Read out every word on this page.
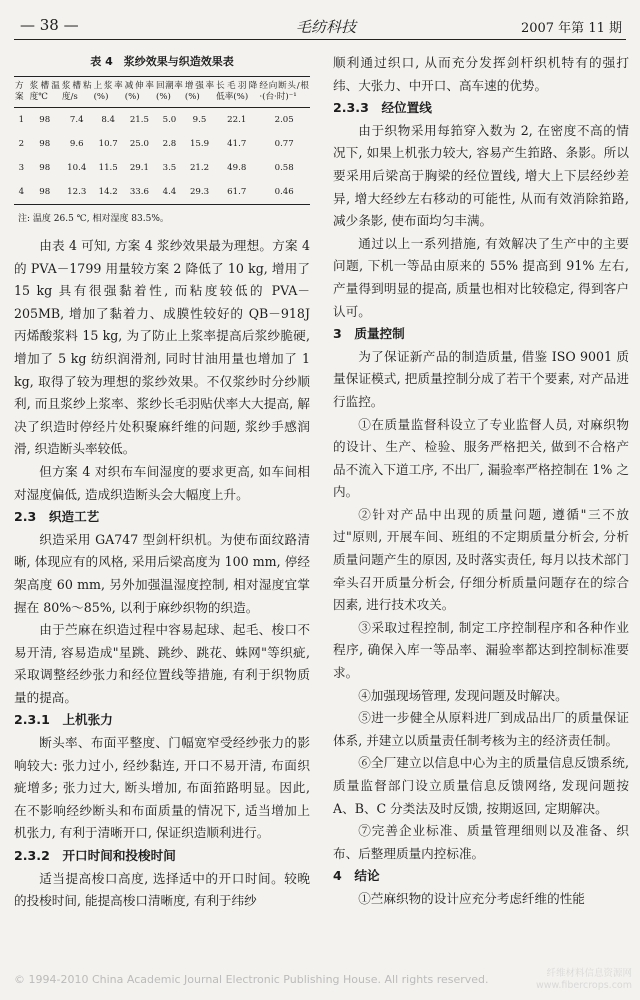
— 38 —	毛纺科技	2007 年第 11 期
表 4　浆纱效果与织造效果表
方案	浆槽温度℃	浆槽粘度/s	上浆率(%)	减伸率(%)	回潮率(%)	增强率(%)	长毛羽降低率(%)	经向断头/根·(台·时)⁻¹
1	98	7.4	8.4	21.5	5.0	9.5	22.1	2.05
2	98	9.6	10.7	25.0	2.8	15.9	41.7	0.77
3	98	10.4	11.5	29.1	3.5	21.2	49.8	0.58
4	98	12.3	14.2	33.6	4.4	29.3	61.7	0.46
注: 温度 26.5 ℃, 相对湿度 83.5%。

由表 4 可知, 方案 4 浆纱效果最为理想。方案 4 的 PVA－1799 用量较方案 2 降低了 10 kg, 增用了 15 kg 具有很强黏着性, 而粘度较低的 PVA－205MB, 增加了黏着力、成膜性较好的 QB－918J 丙烯酸浆料 15 kg, 为了防止上浆率提高后浆纱脆硬, 增加了 5 kg 纺织润滑剂, 同时甘油用量也增加了 1 kg, 取得了较为理想的浆纱效果。不仅浆纱时分纱顺利, 而且浆纱上浆率、浆纱长毛羽贴伏率大大提高, 解决了织造时停经片处积聚麻纤维的问题, 浆纱手感润滑, 织造断头率较低。

但方案 4 对织布车间湿度的要求更高, 如车间相对湿度偏低, 造成织造断头会大幅度上升。

2.3　织造工艺

织造采用 GA747 型剑杆织机。为使布面纹路清晰, 体现应有的风格, 采用后梁高度为 100 mm, 停经架高度 60 mm, 另外加强温湿度控制, 相对湿度宜掌握在 80%～85%, 以利于麻纱织物的织造。

由于苎麻在织造过程中容易起球、起毛、梭口不易开清, 容易造成"星跳、跳纱、跳花、蛛网"等织疵, 采取调整经纱张力和经位置线等措施, 有利于织物质量的提高。

2.3.1　上机张力

断头率、布面平整度、门幅宽窄受经纱张力的影响较大: 张力过小, 经纱黏连, 开口不易开清, 布面织疵增多; 张力过大, 断头增加, 布面筘路明显。因此, 在不影响经纱断头和布面质量的情况下, 适当增加上机张力, 有利于清晰开口, 保证织造顺利进行。

2.3.2　开口时间和投梭时间

适当提高梭口高度, 选择适中的开口时间。较晚的投梭时间, 能提高梭口清晰度, 有利于纬纱

顺利通过织口, 从而充分发挥剑杆织机特有的强打纬、大张力、中开口、高车速的优势。

2.3.3　经位置线

由于织物采用每筘穿入数为 2, 在密度不高的情况下, 如果上机张力较大, 容易产生筘路、条影。所以要采用后梁高于胸梁的经位置线, 增大上下层经纱差异, 增大经纱左右移动的可能性, 从而有效消除筘路, 减少条影, 使布面均匀丰满。

通过以上一系列措施, 有效解决了生产中的主要问题, 下机一等品由原来的 55% 提高到 91% 左右, 产量得到明显的提高, 质量也相对比较稳定, 得到客户认可。

3　质量控制

为了保证新产品的制造质量, 借鉴 ISO 9001 质量保证模式, 把质量控制分成了若干个要素, 对产品进行监控。

①在质量监督科设立了专业监督人员, 对麻织物的设计、生产、检验、服务严格把关, 做到不合格产品不流入下道工序, 不出厂, 漏验率严格控制在 1% 之内。

②针对产品中出现的质量问题, 遵循"三不放过"原则, 开展车间、班组的不定期质量分析会, 分析质量问题产生的原因, 及时落实责任, 每月以技术部门牵头召开质量分析会, 仔细分析质量问题存在的综合因素, 进行技术攻关。

③采取过程控制, 制定工序控制程序和各种作业程序, 确保入库一等品率、漏验率都达到控制标准要求。

④加强现场管理, 发现问题及时解决。

⑤进一步健全从原料进厂到成品出厂的质量保证体系, 并建立以质量责任制考核为主的经济责任制。

⑥全厂建立以信息中心为主的质量信息反馈系统, 质量监督部门设立质量信息反馈网络, 发现问题按 A、B、C 分类法及时反馈, 按期返回, 定期解决。

⑦完善企业标准、质量管理细则以及准备、织布、后整理质量内控标准。

4　结论

①苎麻织物的设计应充分考虑纤维的性能

© 1994-2010 China Academic Journal Electronic Publishing House. All rights reserved.	纤维材料信息资源网 www.fibercrops.com
